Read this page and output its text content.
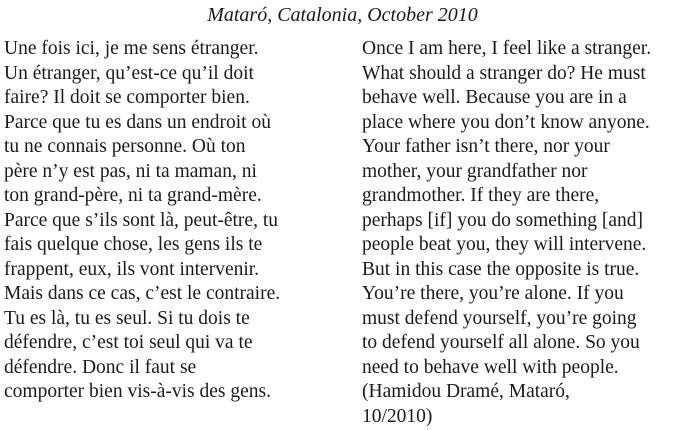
Mataró, Catalonia, October 2010
Une fois ici, je me sens étranger.
Un étranger, qu’est-ce qu’il doit
faire? Il doit se comporter bien.
Parce que tu es dans un endroit où
tu ne connais personne. Où ton
père n’y est pas, ni ta maman, ni
ton grand-père, ni ta grand-mère.
Parce que s’ils sont là, peut-être, tu
fais quelque chose, les gens ils te
frappent, eux, ils vont intervenir.
Mais dans ce cas, c’est le contraire.
Tu es là, tu es seul. Si tu dois te
défendre, c’est toi seul qui va te
défendre. Donc il faut se
comporter bien vis-à-vis des gens.
Once I am here, I feel like a stranger.
What should a stranger do? He must
behave well. Because you are in a
place where you don’t know anyone.
Your father isn’t there, nor your
mother, your grandfather nor
grandmother. If they are there,
perhaps [if] you do something [and]
people beat you, they will intervene.
But in this case the opposite is true.
You’re there, you’re alone. If you
must defend yourself, you’re going
to defend yourself all alone. So you
need to behave well with people.
(Hamidou Dramé, Mataró,
10/2010)
